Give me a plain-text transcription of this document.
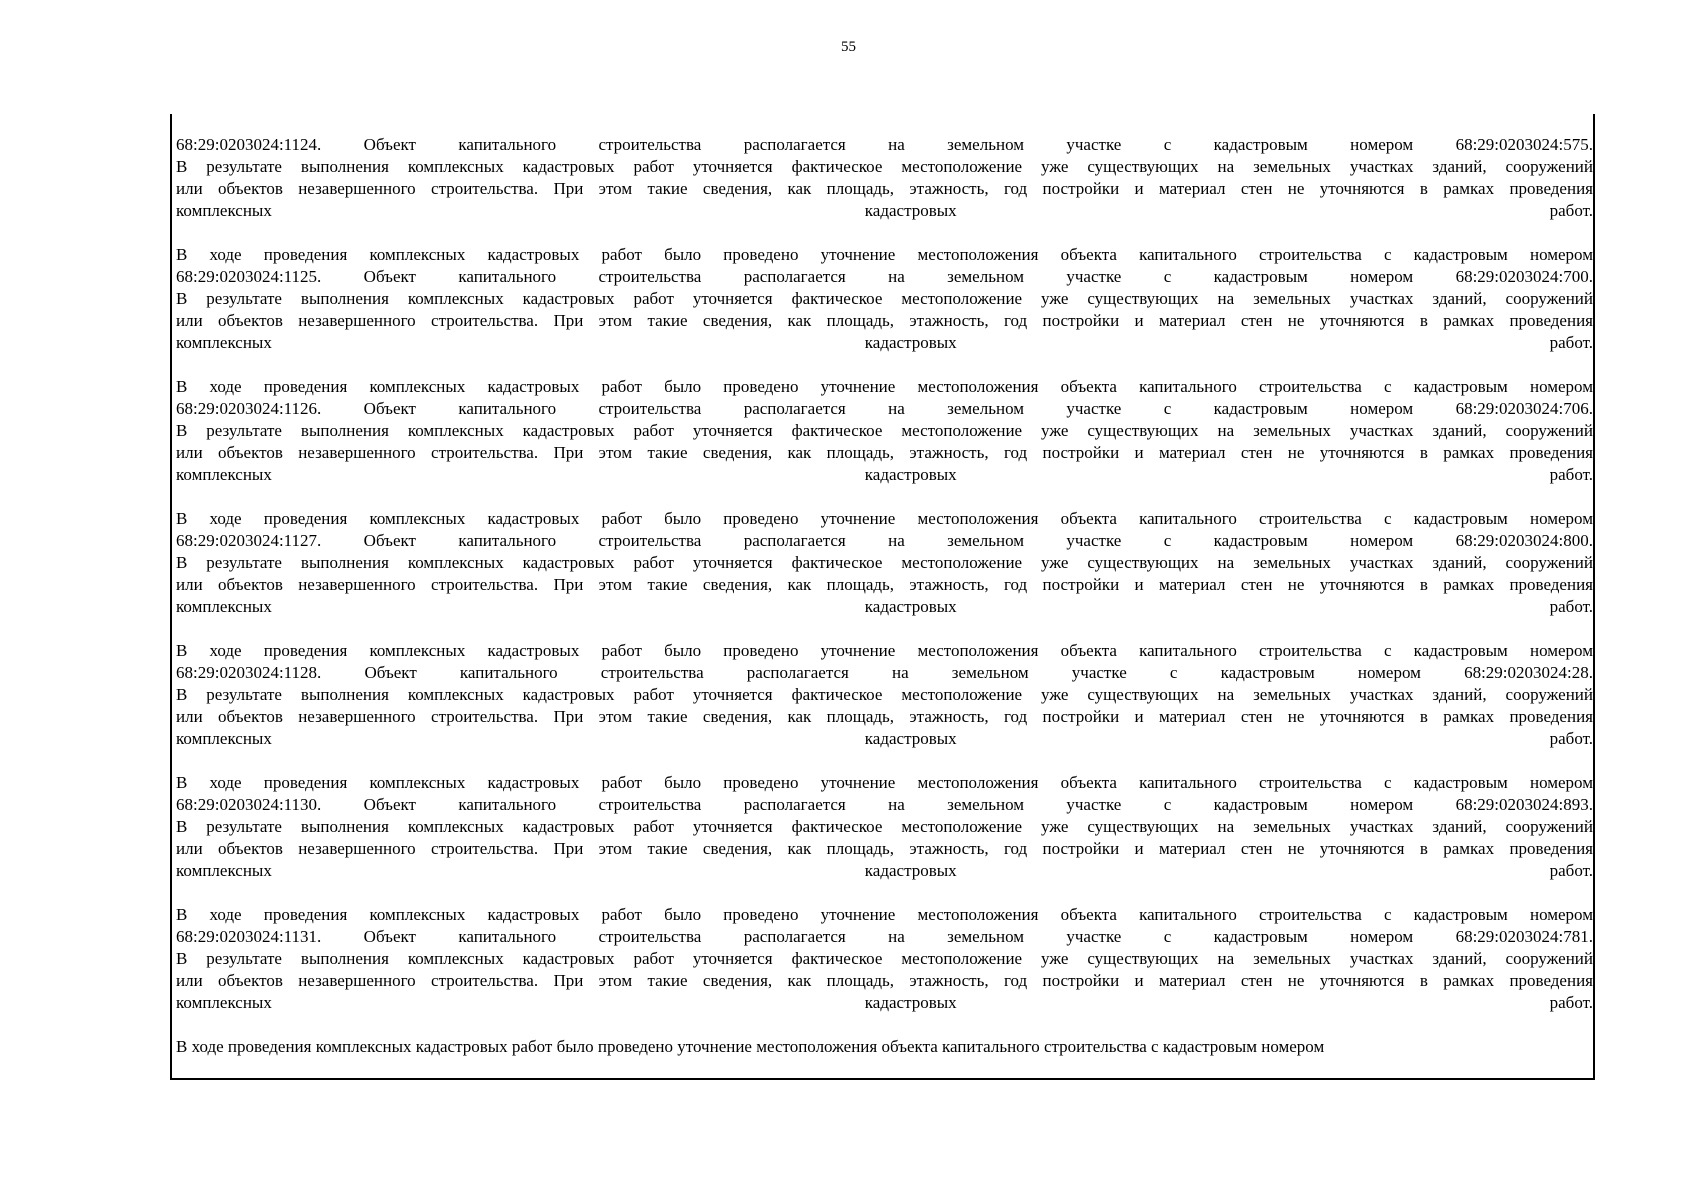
55
68:29:0203024:1124. Объект капитального строительства располагается на земельном участке с кадастровым номером 68:29:0203024:575.
В результате выполнения комплексных кадастровых работ уточняется фактическое местоположение уже существующих на земельных участках зданий, сооружений
или объектов незавершенного строительства. При этом такие сведения, как площадь, этажность, год постройки и материал стен не уточняются в рамках проведения
комплексных кадастровых работ.
В ходе проведения комплексных кадастровых работ было проведено уточнение местоположения объекта капитального строительства с кадастровым номером
68:29:0203024:1125. Объект капитального строительства располагается на земельном участке с кадастровым номером 68:29:0203024:700.
В результате выполнения комплексных кадастровых работ уточняется фактическое местоположение уже существующих на земельных участках зданий, сооружений
или объектов незавершенного строительства. При этом такие сведения, как площадь, этажность, год постройки и материал стен не уточняются в рамках проведения
комплексных кадастровых работ.
В ходе проведения комплексных кадастровых работ было проведено уточнение местоположения объекта капитального строительства с кадастровым номером
68:29:0203024:1126. Объект капитального строительства располагается на земельном участке с кадастровым номером 68:29:0203024:706.
В результате выполнения комплексных кадастровых работ уточняется фактическое местоположение уже существующих на земельных участках зданий, сооружений
или объектов незавершенного строительства. При этом такие сведения, как площадь, этажность, год постройки и материал стен не уточняются в рамках проведения
комплексных кадастровых работ.
В ходе проведения комплексных кадастровых работ было проведено уточнение местоположения объекта капитального строительства с кадастровым номером
68:29:0203024:1127. Объект капитального строительства располагается на земельном участке с кадастровым номером 68:29:0203024:800.
В результате выполнения комплексных кадастровых работ уточняется фактическое местоположение уже существующих на земельных участках зданий, сооружений
или объектов незавершенного строительства. При этом такие сведения, как площадь, этажность, год постройки и материал стен не уточняются в рамках проведения
комплексных кадастровых работ.
В ходе проведения комплексных кадастровых работ было проведено уточнение местоположения объекта капитального строительства с кадастровым номером
68:29:0203024:1128. Объект капитального строительства располагается на земельном участке с кадастровым номером 68:29:0203024:28.
В результате выполнения комплексных кадастровых работ уточняется фактическое местоположение уже существующих на земельных участках зданий, сооружений
или объектов незавершенного строительства. При этом такие сведения, как площадь, этажность, год постройки и материал стен не уточняются в рамках проведения
комплексных кадастровых работ.
В ходе проведения комплексных кадастровых работ было проведено уточнение местоположения объекта капитального строительства с кадастровым номером
68:29:0203024:1130. Объект капитального строительства располагается на земельном участке с кадастровым номером 68:29:0203024:893.
В результате выполнения комплексных кадастровых работ уточняется фактическое местоположение уже существующих на земельных участках зданий, сооружений
или объектов незавершенного строительства. При этом такие сведения, как площадь, этажность, год постройки и материал стен не уточняются в рамках проведения
комплексных кадастровых работ.
В ходе проведения комплексных кадастровых работ было проведено уточнение местоположения объекта капитального строительства с кадастровым номером
68:29:0203024:1131. Объект капитального строительства располагается на земельном участке с кадастровым номером 68:29:0203024:781.
В результате выполнения комплексных кадастровых работ уточняется фактическое местоположение уже существующих на земельных участках зданий, сооружений
или объектов незавершенного строительства. При этом такие сведения, как площадь, этажность, год постройки и материал стен не уточняются в рамках проведения
комплексных кадастровых работ.
В ходе проведения комплексных кадастровых работ было проведено уточнение местоположения объекта капитального строительства с кадастровым номером
